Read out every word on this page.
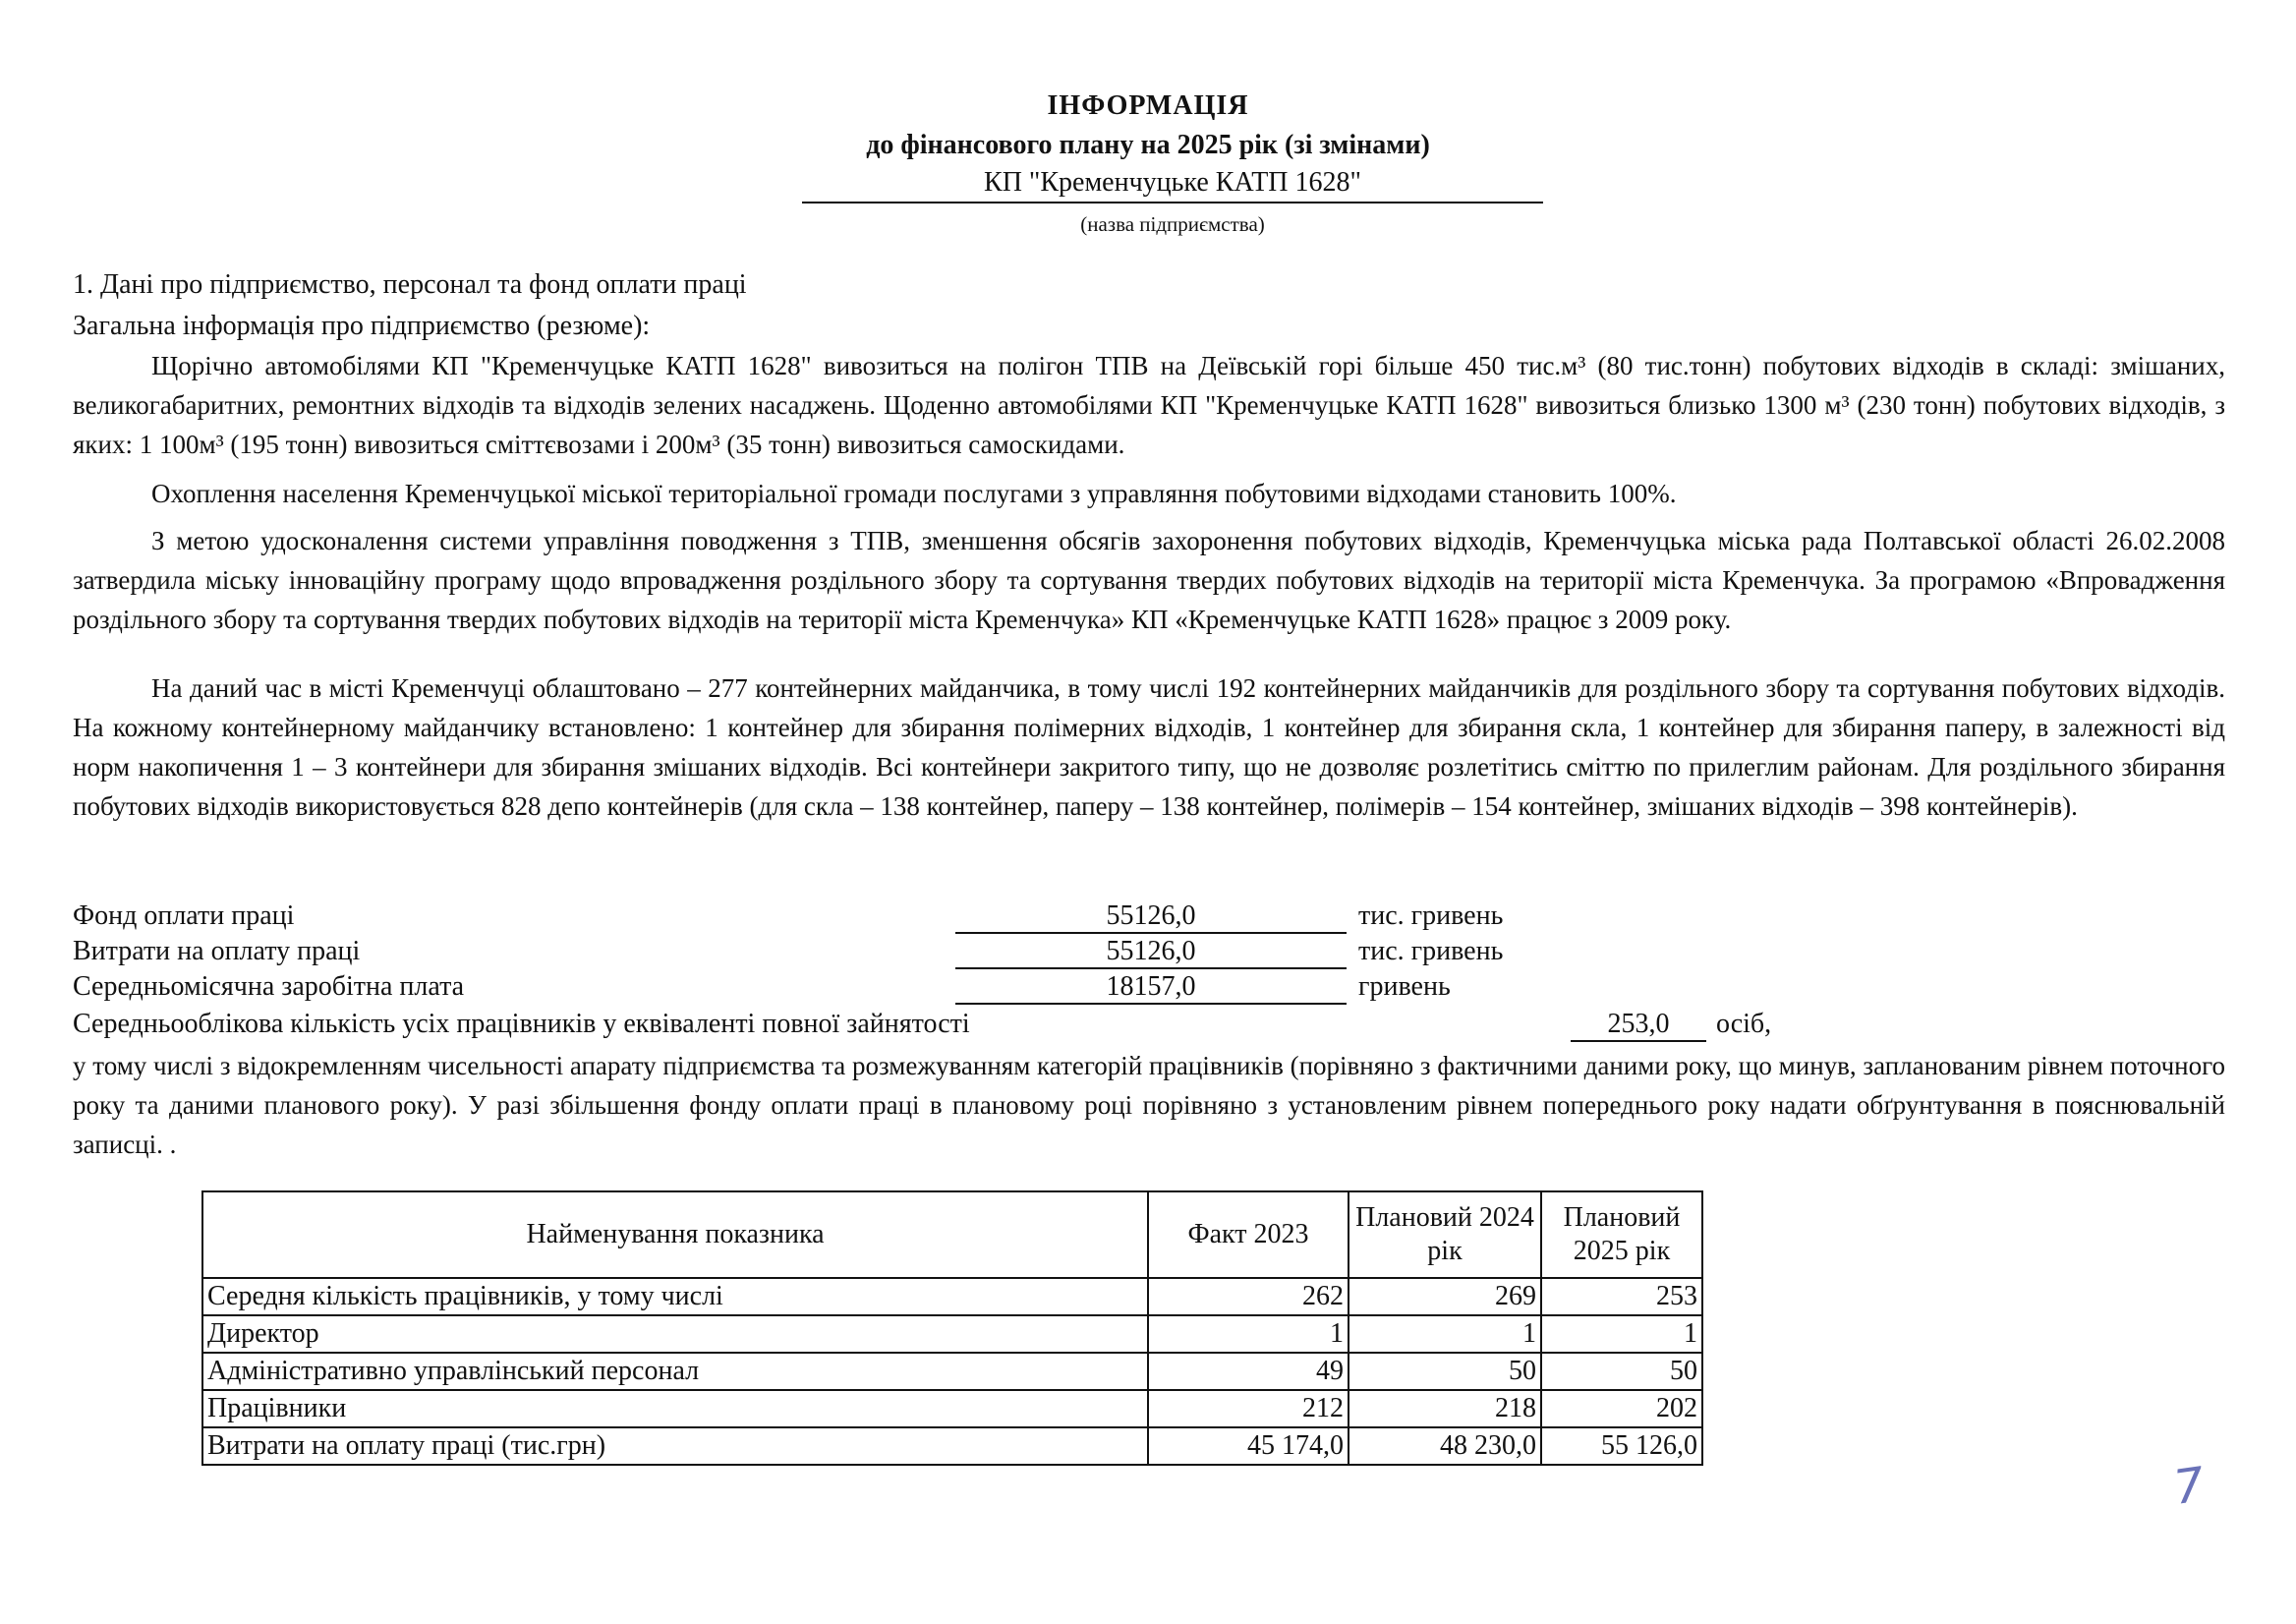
ІНФОРМАЦІЯ
до фінансового плану на 2025 рік (зі змінами)
КП "Кременчуцьке КАТП 1628"
(назва підприємства)
1. Дані про підприємство, персонал та фонд оплати праці
Загальна інформація про підприємство (резюме):
Щорічно автомобілями КП "Кременчуцьке КАТП 1628" вивозиться на полігон ТПВ на Деївській горі більше 450 тис.м³ (80 тис.тонн) побутових відходів в складі: змішаних, великогабаритних, ремонтних відходів та відходів зелених насаджень. Щоденно автомобілями КП "Кременчуцьке КАТП 1628" вивозиться близько 1300 м³ (230 тонн) побутових відходів, з яких: 1 100м³ (195 тонн) вивозиться сміттєвозами і 200м³ (35 тонн) вивозиться самоскидами.
Охоплення населення Кременчуцької міської територіальної громади послугами з управляння побутовими відходами становить 100%.
З метою удосконалення системи управління поводження з ТПВ, зменшення обсягів захоронення побутових відходів, Кременчуцька міська рада Полтавської області 26.02.2008 затвердила міську інноваційну програму щодо впровадження роздільного збору та сортування твердих побутових відходів на території міста Кременчука. За програмою «Впровадження роздільного збору та сортування твердих побутових відходів на території міста Кременчука» КП «Кременчуцьке КАТП 1628» працює з 2009 року.
На даний час в місті Кременчуці облаштовано – 277 контейнерних майданчика, в тому числі 192 контейнерних майданчиків для роздільного збору та сортування побутових відходів. На кожному контейнерному майданчику встановлено: 1 контейнер для збирання полімерних відходів, 1 контейнер для збирання скла, 1 контейнер для збирання паперу, в залежності від норм накопичення 1 – 3 контейнери для збирання змішаних відходів. Всі контейнери закритого типу, що не дозволяє розлетітись сміттю по прилеглим районам. Для роздільного збирання побутових відходів використовується 828 депо контейнерів (для скла – 138 контейнер, паперу – 138 контейнер, полімерів – 154 контейнер, змішаних відходів – 398 контейнерів).
Фонд оплати праці	55126,0	тис. гривень
Витрати на оплату праці	55126,0	тис. гривень
Середньомісячна заробітна плата	18157,0	гривень
Середньооблікова кількість усіх працівників у еквіваленті повної зайнятості	253,0	осіб,
у тому числі з відокремленням чисельності апарату підприємства та розмежуванням категорій працівників (порівняно з фактичними даними року, що минув, запланованим рівнем поточного року та даними планового року). У разі збільшення фонду оплати праці в плановому році порівняно з установленим рівнем попереднього року надати обґрунтування в пояснювальній записці. .
Найменування показника	Факт 2023	Плановий 2024 рік	Плановий 2025 рік
Середня кількість працівників, у тому числі	262	269	253
Директор	1	1	1
Адміністративно управлінський персонал	49	50	50
Працівники	212	218	202
Витрати на оплату праці (тис.грн)	45 174,0	48 230,0	55 126,0
7
